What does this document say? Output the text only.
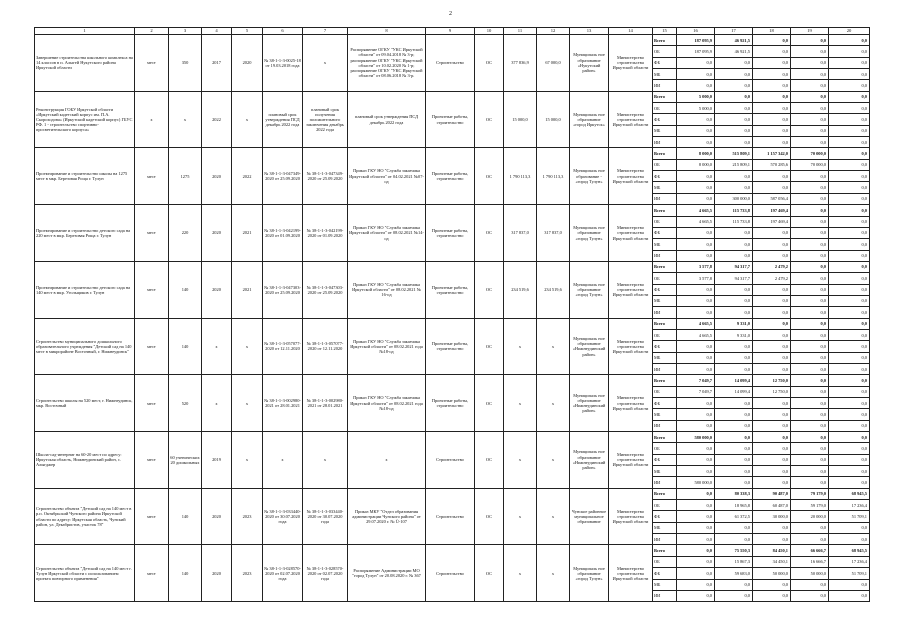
2
1	2	3	4	5	6	7	8	9	10	11	12	13	14	15	16	17	18	19	20
Завершение строительства школьного комплекса на 14 классов в п. Алыгей Нукутского района Иркутской области	мест	350	2017	2020	№ 38-1-1-3-0025-18 от 19.03.2018 года	x	Распоряжение ОГКУ "УКС Иркутской области" от 09.04.2018 № 3-р; распоряжение ОГКУ "УКС Иркутской области" от 10.02.2020 № 1-р; распоряжение ОГКУ "УКС Иркутской области" от 08.06.2018 № 3-р.	Строительство	ОС	377 836,9	67 000,0	Муниципаль ное образование «Нукутский район»	Министерство строительства Иркутской области	Всего	187 095,9	46 921,5	0,0	0,0	0,0
														ОБ	187 095,9	46 921,5	0,0	0,0	0,0
														ФБ	0,0	0,0	0,0	0,0	0,0
														МБ	0,0	0,0	0,0	0,0	0,0
														ИИ	0,0	0,0	0,0	0,0	0,0
Реконструкция ГОБУ Иркутской области «Иркутский кадетский корпус им. П.А. Скороходова» (Иркутский кадетский корпус) ГБУС РФ. 1 - строительство спортивно-просветительского корпуса»	x	x	2022	x	плановый срок утверждения ПСД декабрь 2022 года	плановый срок получения положительного заключения декабрь 2022 года	плановый срок утверждения ПСД декабрь 2022 года	Проектные работы, строительство	ОС	15 000,0	15 000,0	Муниципаль ное образование «город Иркутск»	Министерство строительства Иркутской области	Всего	5 000,0	0,0	0,0	0,0	0,0
														ОБ	5 000,0	0,0	0,0	0,0	0,0
														ФБ	0,0	0,0	0,0	0,0	0,0
														МБ	0,0	0,0	0,0	0,0	0,0
														ИИ	0,0	0,0	0,0	0,0	0,0
Проектирование и строительство школы на 1275 мест в мкр. Березовая Роща г. Тулун	мест	1275	2020	2022	№ 38-1-1-3-047349-2020 от 25.09.2020	№ 38-1-1-3-047349-2020 от 25.09.2020	Приказ ГКУ НО "Служба заказчика Иркутской области" от 04.02.2021 №07-од	Проектные работы, строительство	ОС	1 790 113,3	1 790 113,3	Муниципаль ное образование - «город Тулун»	Министерство строительства Иркутской области	Всего	8 000,0	515 809,1	1 157 342,0	70 000,0	0,0
														ОБ	8 000,0	215 809,1	570 285,6	70 000,0	0,0
														ФБ	0,0	0,0	0,0	0,0	0,0
														МБ	0,0	0,0	0,0	0,0	0,0
														ИИ	0,0	300 000,0	587 056,4	0,0	0,0
Проектирование и строительство детского сада на 220 мест в мкр. Березовая Роща г. Тулун	мест	220	2020	2021	№ 38-1-1-3-042199-2020 от 01.09.2020	№ 38-1-1-3-042199-2020 от 01.09.2020	Приказ ГКУ НО "Служба заказчика Иркутской области" от 08.02.2021 №14-од	Проектные работы, строительство	ОС	317 837,0	317 837,0	Муниципаль ное образование «город Тулун»	Министерство строительства Иркутской области	Всего	4 665,5	115 733,8	197 469,4	0,0	0,0
														ОБ	4 665,5	115 733,8	197 469,4	0,0	0,0
														ФБ	0,0	0,0	0,0	0,0	0,0
														МБ	0,0	0,0	0,0	0,0	0,0
														ИИ	0,0	0,0	0,0	0,0	0,0
Проектирование и строительство детского сада на 140 мест в мкр. Угольщиков г. Тулун	мест	140	2020	2021	№ 38-1-1-3-047303-2020 от 25.09.2020	№ 38-1-1-3-047303-2020 от 25.09.2020	Приказ ГКУ НО "Служба заказчика Иркутской области" от 08.02.2021 № 16-од	Проектные работы, строительство	ОС	234 519,6	234 519,6	Муниципаль ное образование «город Тулун»	Министерство строительства Иркутской области	Всего	3 577,8	94 317,7	2 479,2	0,0	0,0
														ОБ	3 577,8	94 317,7	2 479,2	0,0	0,0
														ФБ	0,0	0,0	0,0	0,0	0,0
														МБ	0,0	0,0	0,0	0,0	0,0
														ИИ	0,0	0,0	0,0	0,0	0,0
Строительство муниципального дошкольного образовательного учреждения "Детский сад на 140 мест в микрорайоне Восточный, г. Нижнеудинск"	мест	140	x	x	№ 38-1-1-3-057077-2020 от 12.11.2020	№ 38-1-1-3-057077-2020 от 12.11.2020	Приказ ГКУ НО "Служба заказчика Иркутской области" от 08.02.2021 года №18-од	Проектные работы, строительство	ОС	x	x	Муниципаль ное образование «Нижнеудинский район»	Министерство строительства Иркутской области	Всего	4 665,5	9 331,0	0,0	0,0	0,0
														ОБ	4 665,5	9 331,0	0,0	0,0	0,0
														ФБ	0,0	0,0	0,0	0,0	0,0
														МБ	0,0	0,0	0,0	0,0	0,0
														ИИ	0,0	0,0	0,0	0,0	0,0
Строительство школы на 520 мест, г. Нижнеудинск, мкр. Восточный	мест	520	x	x	№ 38-1-1-3-002980-2021 от 28.01.2021	№ 38-1-1-3-002980-2021 от 28.01.2021	Приказ ГКУ НО "Служба заказчика Иркутской области" от 08.02.2021 года №18-од	Проектные работы, строительство	ОС	x	x	Муниципаль ное образование «Нижнеудинский район»	Министерство строительства Иркутской области	Всего	7 049,7	14 099,4	12 750,0	0,0	0,0
														ОБ	7 049,7	14 099,4	12 750,0	0,0	0,0
														ФБ	0,0	0,0	0,0	0,0	0,0
														МБ	0,0	0,0	0,0	0,0	0,0
														ИИ	0,0	0,0	0,0	0,0	0,0
Школа-сад-интернат на 60-20 мест по адресу: Иркутская область, Нижнеудинский район, с. Алыгджер	мест	60 ученических 20 дошкольных	2019	x	x	x	x	Строительство	ОС	x	x	Муниципаль ное образование «Нижнеудинский район»	Министерство строительства Иркутской области	Всего	580 000,0	0,0	0,0	0,0	0,0
														ОБ	0,0	0,0	0,0	0,0	0,0
														ФБ	0,0	0,0	0,0	0,0	0,0
														МБ	0,0	0,0	0,0	0,0	0,0
														ИИ	580 000,0	0,0	0,0	0,0	0,0
Строительство объекта "Детский сад на 140 мест в р.п. Октябрьский Чунского района Иркутской области по адресу: Иркутская область, Чунский район, ул. Декабристов, участок 78"	мест	140	2020	2023	№ 38-1-1-3-033440-2020 от 30.07.2020 года	№ 38-1-1-3-033440-2020 от 30.07.2020 года	Приказ МКУ "Отдел образования администрации Чунского района" от 29.07.2020 г. № Ü-107	Строительство	ОС	x	x	Чунское районное муниципальное образование	Министерство строительства Иркутской области	Всего	0,0	80 338,3	90 487,0	79 179,0	68 945,5
														ОБ	0,0	18 965,8	60 487,0	59 179,0	17 236,4
														ФБ	0,0	61 372,5	30 000,0	20 000,0	51 709,1
														МБ	0,0	0,0	0,0	0,0	0,0
														ИИ	0,0	0,0	0,0	0,0	0,0
Строительство объекта "Детский сад на 140 мест г. Тулун Иркутской области с использованием проекта повторного применения"	мест	140	2020	2023	№ 38-1-1-3-028570-2020 от 02.07.2020 года	№ 38-1-1-3-028570-2020 от 02.07.2020 года	Распоряжение Администрации МО "город Тулун" от 20.08.2020 г. № 367	Строительство	ОС	x	x	Муниципаль ное образование «город Тулун»	Министерство строительства Иркутской области	Всего	0,0	75 550,3	84 450,1	66 666,7	68 945,5
														ОБ	0,0	15 867,3	34 450,1	16 666,7	17 236,4
														ФБ	0,0	59 683,0	50 000,0	50 000,0	51 709,1
														МБ	0,0	0,0	0,0	0,0	0,0
														ИИ	0,0	0,0	0,0	0,0	0,0
